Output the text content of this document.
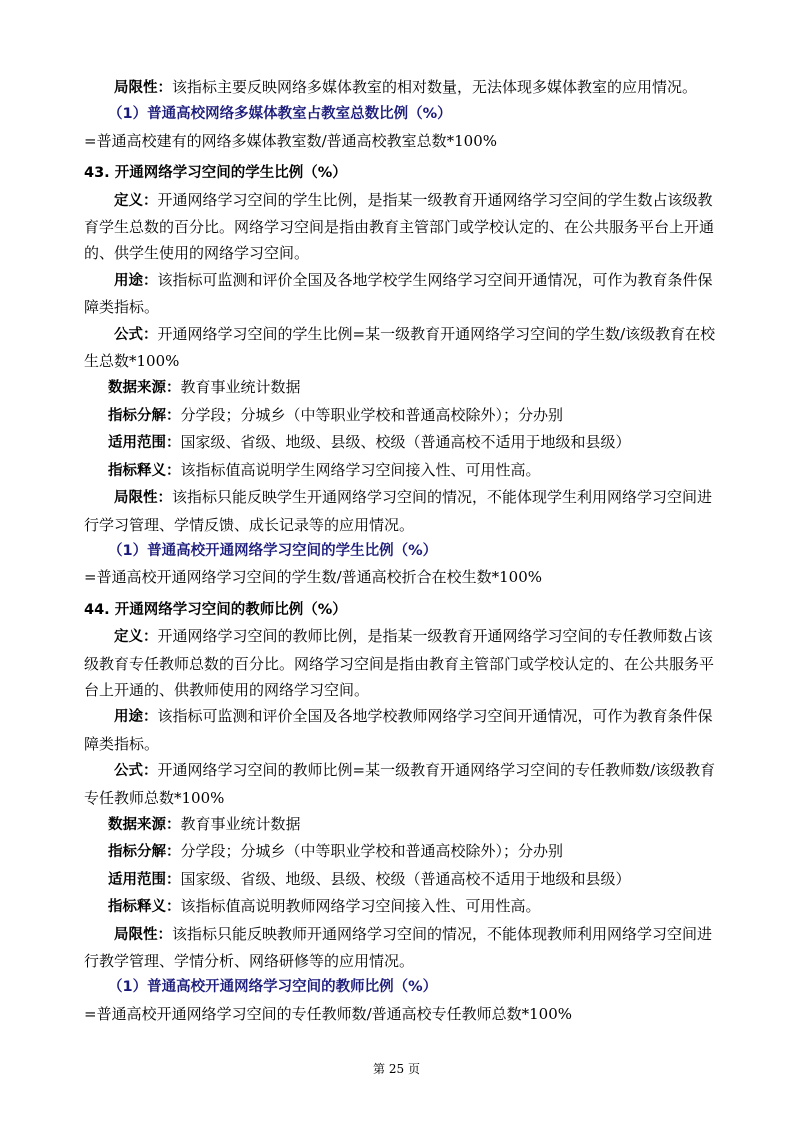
局限性：该指标主要反映网络多媒体教室的相对数量，无法体现多媒体教室的应用情况。

（1）普通高校网络多媒体教室占教室总数比例（%）

=普通高校建有的网络多媒体教室数/普通高校教室总数*100%

43. 开通网络学习空间的学生比例（%）

定义：开通网络学习空间的学生比例，是指某一级教育开通网络学习空间的学生数占该级教育学生总数的百分比。网络学习空间是指由教育主管部门或学校认定的、在公共服务平台上开通的、供学生使用的网络学习空间。

用途：该指标可监测和评价全国及各地学校学生网络学习空间开通情况，可作为教育条件保障类指标。

公式：开通网络学习空间的学生比例=某一级教育开通网络学习空间的学生数/该级教育在校生总数*100%

数据来源：教育事业统计数据

指标分解：分学段；分城乡（中等职业学校和普通高校除外）；分办别

适用范围：国家级、省级、地级、县级、校级（普通高校不适用于地级和县级）

指标释义：该指标值高说明学生网络学习空间接入性、可用性高。

局限性：该指标只能反映学生开通网络学习空间的情况，不能体现学生利用网络学习空间进行学习管理、学情反馈、成长记录等的应用情况。

（1）普通高校开通网络学习空间的学生比例（%）

=普通高校开通网络学习空间的学生数/普通高校折合在校生数*100%

44. 开通网络学习空间的教师比例（%）

定义：开通网络学习空间的教师比例，是指某一级教育开通网络学习空间的专任教师数占该级教育专任教师总数的百分比。网络学习空间是指由教育主管部门或学校认定的、在公共服务平台上开通的、供教师使用的网络学习空间。

用途：该指标可监测和评价全国及各地学校教师网络学习空间开通情况，可作为教育条件保障类指标。

公式：开通网络学习空间的教师比例=某一级教育开通网络学习空间的专任教师数/该级教育专任教师总数*100%

数据来源：教育事业统计数据

指标分解：分学段；分城乡（中等职业学校和普通高校除外）；分办别

适用范围：国家级、省级、地级、县级、校级（普通高校不适用于地级和县级）

指标释义：该指标值高说明教师网络学习空间接入性、可用性高。

局限性：该指标只能反映教师开通网络学习空间的情况，不能体现教师利用网络学习空间进行教学管理、学情分析、网络研修等的应用情况。

（1）普通高校开通网络学习空间的教师比例（%）

=普通高校开通网络学习空间的专任教师数/普通高校专任教师总数*100%

第 25 页
